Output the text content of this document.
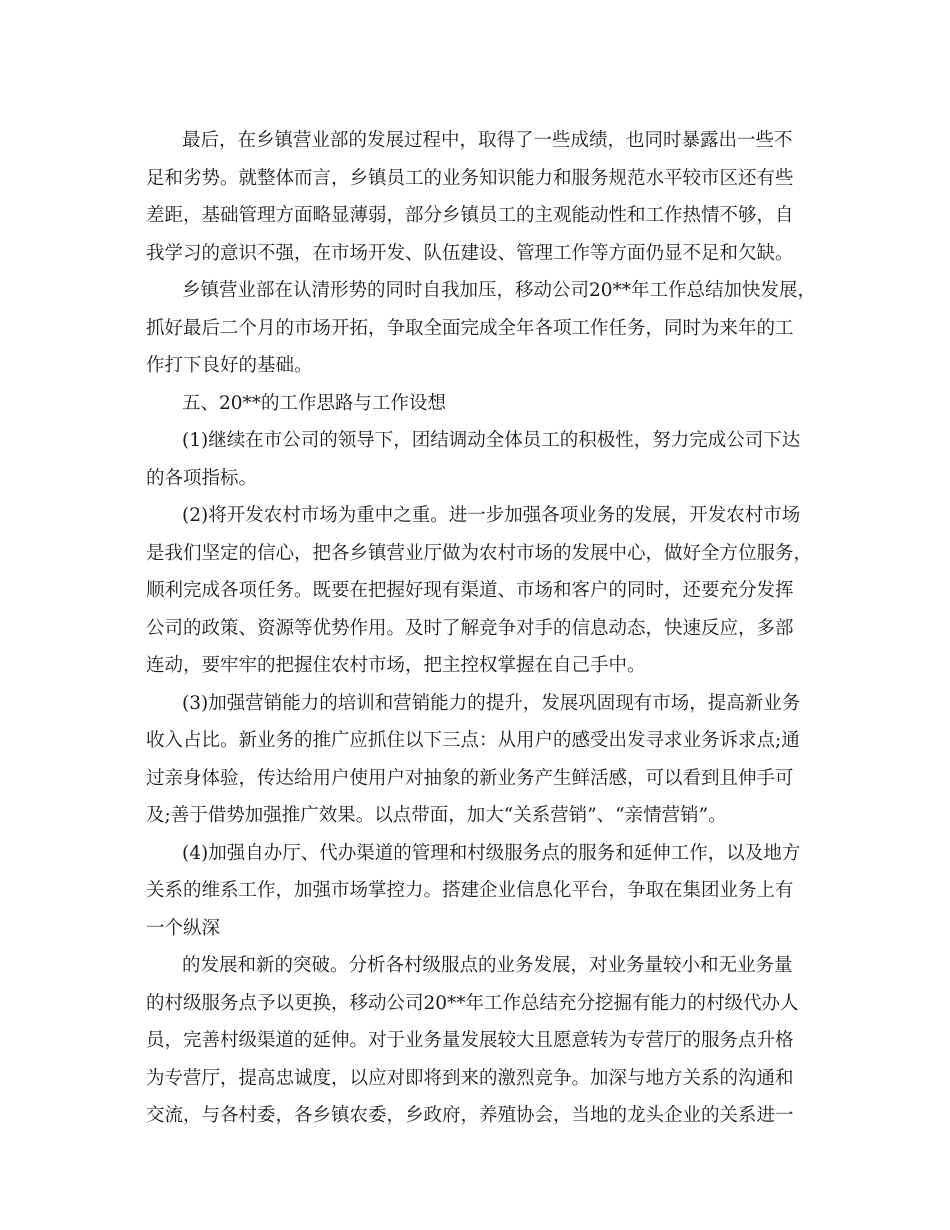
最后，在乡镇营业部的发展过程中，取得了一些成绩，也同时暴露出一些不
足和劣势。就整体而言，乡镇员工的业务知识能力和服务规范水平较市区还有些
差距，基础管理方面略显薄弱，部分乡镇员工的主观能动性和工作热情不够，自
我学习的意识不强，在市场开发、队伍建设、管理工作等方面仍显不足和欠缺。
乡镇营业部在认清形势的同时自我加压，移动公司20**年工作总结加快发展，
抓好最后二个月的市场开拓，争取全面完成全年各项工作任务，同时为来年的工
作打下良好的基础。
五、20**的工作思路与工作设想
(1)继续在市公司的领导下，团结调动全体员工的积极性，努力完成公司下达
的各项指标。
(2)将开发农村市场为重中之重。进一步加强各项业务的发展，开发农村市场
是我们坚定的信心，把各乡镇营业厅做为农村市场的发展中心，做好全方位服务，
顺利完成各项任务。既要在把握好现有渠道、市场和客户的同时，还要充分发挥
公司的政策、资源等优势作用。及时了解竞争对手的信息动态，快速反应，多部
连动，要牢牢的把握住农村市场，把主控权掌握在自己手中。
(3)加强营销能力的培训和营销能力的提升，发展巩固现有市场，提高新业务
收入占比。新业务的推广应抓住以下三点：从用户的感受出发寻求业务诉求点;通
过亲身体验，传达给用户使用户对抽象的新业务产生鲜活感，可以看到且伸手可
及;善于借势加强推广效果。以点带面，加大“关系营销”、“亲情营销”。
(4)加强自办厅、代办渠道的管理和村级服务点的服务和延伸工作，以及地方
关系的维系工作，加强市场掌控力。搭建企业信息化平台，争取在集团业务上有
一个纵深
的发展和新的突破。分析各村级服点的业务发展，对业务量较小和无业务量
的村级服务点予以更换，移动公司20**年工作总结充分挖掘有能力的村级代办人
员，完善村级渠道的延伸。对于业务量发展较大且愿意转为专营厅的服务点升格
为专营厅，提高忠诚度，以应对即将到来的激烈竞争。加深与地方关系的沟通和
交流，与各村委，各乡镇农委，乡政府，养殖协会，当地的龙头企业的关系进一
